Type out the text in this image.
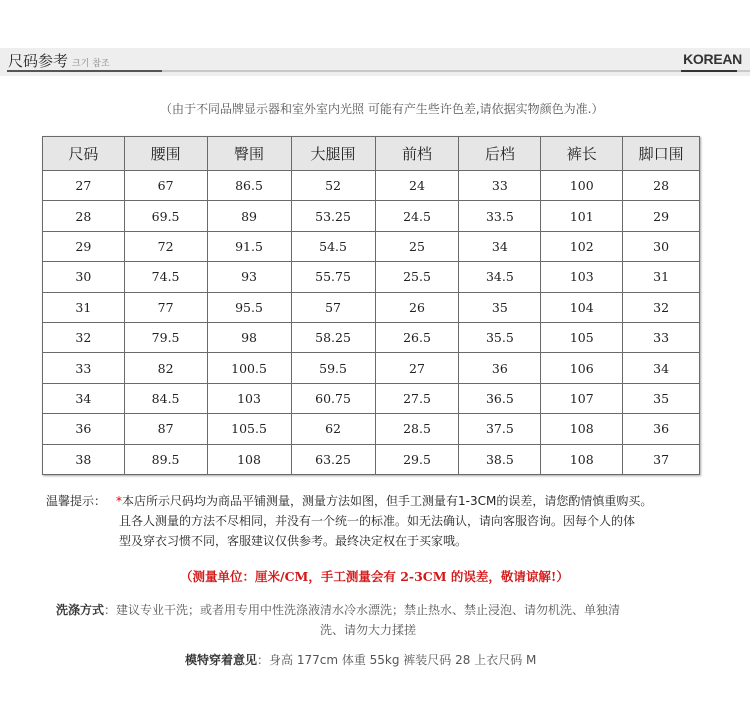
尺码参考 크기 참조	KOREAN
（由于不同品牌显示器和室外室内光照 可能有产生些许色差,请依据实物颜色为准.）
尺码	腰围	臀围	大腿围	前档	后档	裤长	脚口围
27	67	86.5	52	24	33	100	28
28	69.5	89	53.25	24.5	33.5	101	29
29	72	91.5	54.5	25	34	102	30
30	74.5	93	55.75	25.5	34.5	103	31
31	77	95.5	57	26	35	104	32
32	79.5	98	58.25	26.5	35.5	105	33
33	82	100.5	59.5	27	36	106	34
34	84.5	103	60.75	27.5	36.5	107	35
36	87	105.5	62	28.5	37.5	108	36
38	89.5	108	63.25	29.5	38.5	108	37
温馨提示： *本店所示尺码均为商品平铺测量，测量方法如图，但手工测量有1-3CM的误差，请您酌情慎重购买。
且各人测量的方法不尽相同，并没有一个统一的标准。如无法确认，请向客服咨询。因每个人的体
型及穿衣习惯不同，客服建议仅供参考。最终决定权在于买家哦。
（测量单位：厘米/CM，手工测量会有 2-3CM 的误差，敬请谅解!）
洗涤方式：建议专业干洗；或者用专用中性洗涤液清水冷水漂洗；禁止热水、禁止浸泡、请勿机洗、单独清
洗、请勿大力揉搓
模特穿着意见：身高 177cm 体重 55kg 裤装尺码 28 上衣尺码 M
